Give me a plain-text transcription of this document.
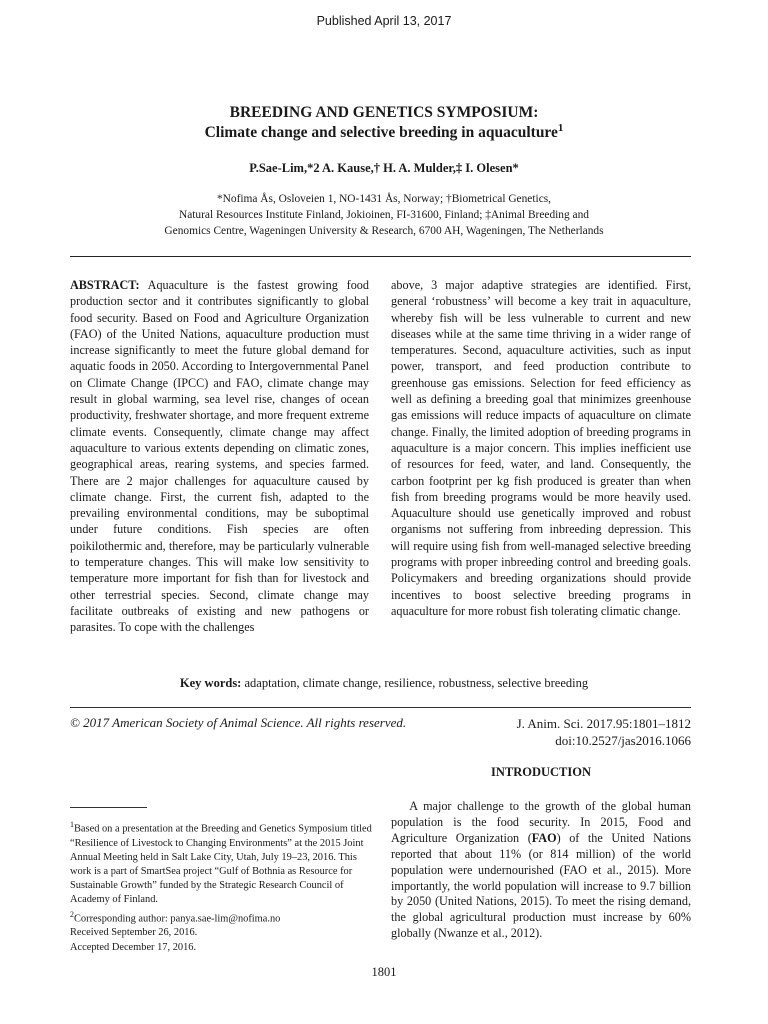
Published April 13, 2017
BREEDING AND GENETICS SYMPOSIUM:
Climate change and selective breeding in aquaculture$^1$
P.Sae-Lim,*2 A. Kause,† H. A. Mulder,‡ I. Olesen*
*Nofima Ås, Osloveien 1, NO-1431 Ås, Norway; †Biometrical Genetics,
Natural Resources Institute Finland, Jokioinen, FI-31600, Finland; ‡Animal Breeding and
Genomics Centre, Wageningen University & Research, 6700 AH, Wageningen, The Netherlands
ABSTRACT: Aquaculture is the fastest growing food production sector and it contributes significantly to global food security. Based on Food and Agriculture Organization (FAO) of the United Nations, aquaculture production must increase significantly to meet the future global demand for aquatic foods in 2050. According to Intergovernmental Panel on Climate Change (IPCC) and FAO, climate change may result in global warming, sea level rise, changes of ocean productivity, freshwater shortage, and more frequent extreme climate events. Consequently, climate change may affect aquaculture to various extents depending on climatic zones, geographical areas, rearing systems, and species farmed. There are 2 major challenges for aquaculture caused by climate change. First, the current fish, adapted to the prevailing environmental conditions, may be suboptimal under future conditions. Fish species are often poikilothermic and, therefore, may be particularly vulnerable to temperature changes. This will make low sensitivity to temperature more important for fish than for livestock and other terrestrial species. Second, climate change may facilitate outbreaks of existing and new pathogens or parasites. To cope with the challenges
above, 3 major adaptive strategies are identified. First, general ‘robustness’ will become a key trait in aquaculture, whereby fish will be less vulnerable to current and new diseases while at the same time thriving in a wider range of temperatures. Second, aquaculture activities, such as input power, transport, and feed production contribute to greenhouse gas emissions. Selection for feed efficiency as well as defining a breeding goal that minimizes greenhouse gas emissions will reduce impacts of aquaculture on climate change. Finally, the limited adoption of breeding programs in aquaculture is a major concern. This implies inefficient use of resources for feed, water, and land. Consequently, the carbon footprint per kg fish produced is greater than when fish from breeding programs would be more heavily used. Aquaculture should use genetically improved and robust organisms not suffering from inbreeding depression. This will require using fish from well-managed selective breeding programs with proper inbreeding control and breeding goals. Policymakers and breeding organizations should provide incentives to boost selective breeding programs in aquaculture for more robust fish tolerating climatic change.
Key words: adaptation, climate change, resilience, robustness, selective breeding
© 2017 American Society of Animal Science. All rights reserved.	J. Anim. Sci. 2017.95:1801–1812
doi:10.2527/jas2016.1066
INTRODUCTION
  A major challenge to the growth of the global human population is the food security. In 2015, Food and Agriculture Organization (FAO) of the United Nations reported that about 11% (or 814 million) of the world population were undernourished (FAO et al., 2015). More importantly, the world population will increase to 9.7 billion by 2050 (United Nations, 2015). To meet the rising demand, the global agricultural production must increase by 60% globally (Nwanze et al., 2012).

$^1$Based on a presentation at the Breeding and Genetics Symposium titled “Resilience of Livestock to Changing Environments” at the 2015 Joint Annual Meeting held in Salt Lake City, Utah, July 19–23, 2016. This work is a part of SmartSea project “Gulf of Bothnia as Resource for Sustainable Growth” funded by the Strategic Research Council of Academy of Finland.

$^2$Corresponding author: panya.sae-lim@nofima.no

Received September 26, 2016.

Accepted December 17, 2016.

1801
